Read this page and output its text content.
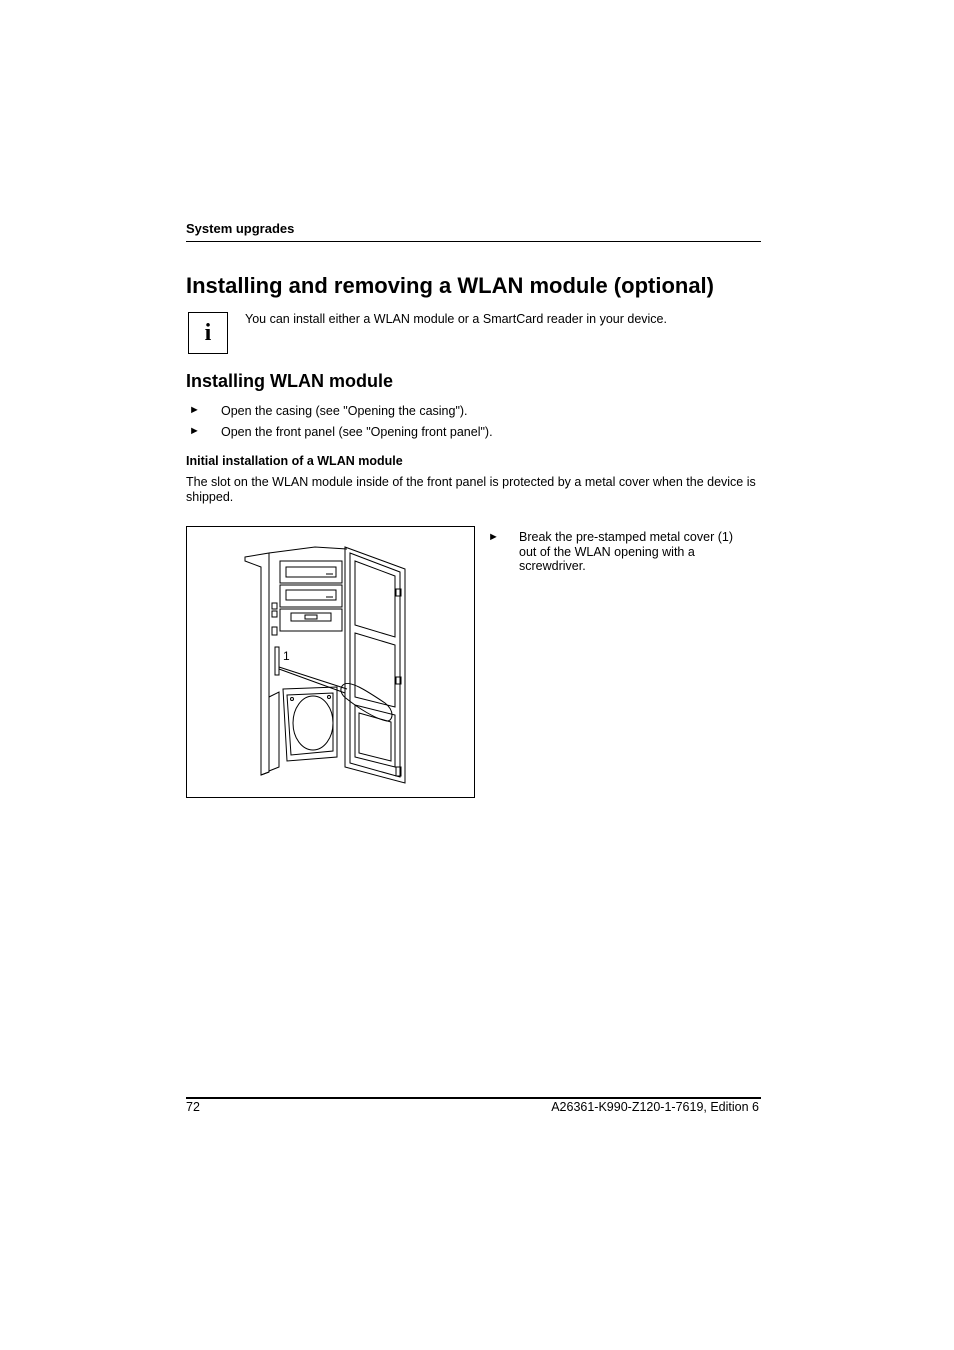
System upgrades
Installing and removing a WLAN module (optional)
i
You can install either a WLAN module or a SmartCard reader in your device.
Installing WLAN module
► Open the casing (see "Opening the casing").
► Open the front panel (see "Opening front panel").
Initial installation of a WLAN module
The slot on the WLAN module inside of the front panel is protected by a metal cover when the device is shipped.
1
► Break the pre-stamped metal cover (1) out of the WLAN opening with a screwdriver.
72	A26361-K990-Z120-1-7619, Edition 6
